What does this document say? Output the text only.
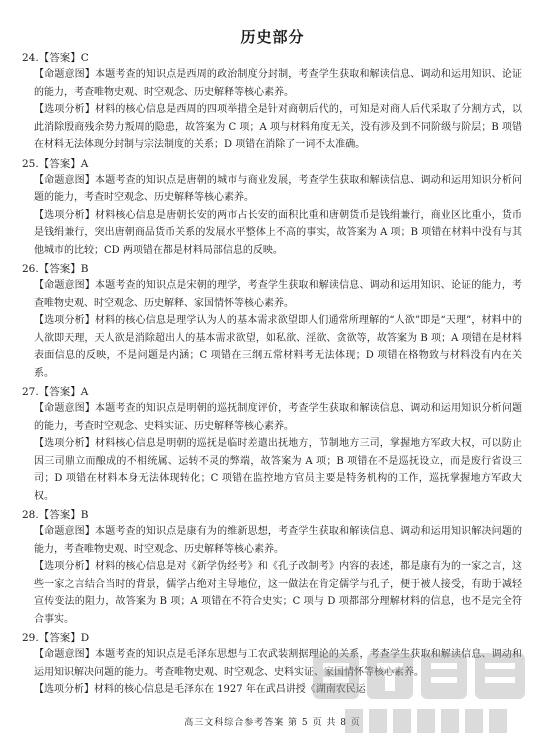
历史部分
24.【答案】C

【命题意图】本题考查的知识点是西周的政治制度分封制，考查学生获取和解读信息、调动和运用知识、论证的能力，考查唯物史观、时空观念、历史解释等核心素养。

【选项分析】材料的核心信息是西周的四项举措全是针对商朝后代的，可知是对商人后代采取了分割方式，以此消除殷商残余势力叛周的隐患，故答案为 C 项；A 项与材料角度无关，没有涉及到不同阶级与阶层；B 项错在材料无法体现分封制与宗法制度的关系；D 项错在消除了一词不太准确。

25.【答案】A

【命题意图】本题考查的知识点是唐朝的城市与商业发展，考查学生获取和解读信息、调动和运用知识分析问题的能力，考查时空观念、历史解释等核心素养。

【选项分析】材料核心信息是唐朝长安的两市占长安的面积比重和唐朝货币是钱绢兼行，商业区比重小，货币是钱绢兼行，突出唐朝商品货币关系的发展水平整体上不高的事实，故答案为 A 项；B 项错在材料中没有与其他城市的比较；CD 两项错在都是材料局部信息的反映。

26.【答案】B

【命题意图】本题考查的知识点是宋朝的理学，考查学生获取和解读信息、调动和运用知识、论证的能力，考查唯物史观、时空观念、历史解释、家国情怀等核心素养。

【选项分析】材料的核心信息是理学认为人的基本需求欲望即人们通常所理解的“人欲”即是“天理”，材料中的人欲即天理，天人欲是消除超出人的基本需求欲望，如私欲、淫欲、贪欲等，故答案为 B 项；A 项错在是材料表面信息的反映，不是问题是内涵；C 项错在三纲五常材料考无法体现；D 项错在格物致与材料没有内在关系。

27.【答案】A

【命题意图】本题考查的知识点是明朝的巡抚制度评价，考查学生获取和解读信息、调动和运用知识分析问题的能力，考查时空观念、史料实证、历史解释等核心素养。

【选项分析】材料核心信息是明朝的巡抚是临时差遣出抚地方，节制地方三司，掌握地方军政大权，可以防止因三司鼎立而酿成的不相统属、运转不灵的弊端，故答案为 A 项；B 项错在不是巡抚设立，而是废行省设三司；D 项错在材料本身无法体现转化；C 项错在监控地方官员主要是特务机构的工作，巡抚掌握地方军政大权。

28.【答案】B

【命题意图】本题考查的知识点是康有为的维新思想，考查学生获取和解读信息、调动和运用知识解决问题的能力，考查唯物史观、时空观念、历史解释等核心素养。

【选项分析】材料的核心信息是对《新学伪经考》和《孔子改制考》内容的表述，都是康有为的一家之言，这些一家之言结合当时的背景，儒学占绝对主导地位，这一做法在肯定儒学与孔子，便于被人接受，有助于减轻宣传变法的阻力，故答案为 B 项；A 项错在不符合史实；C 项与 D 项都部分理解材料的信息，也不是完全符合事实。

29.【答案】D

【命题意图】本题考查的知识点是毛泽东思想与工农武装割据理论的关系，考查学生获取和解读信息、调动和运用知识解决问题的能力。考查唯物史观、时空观念、史料实证、家国情怀等核心素养。

【选项分析】材料的核心信息是毛泽东在 1927 年在武昌讲授《湖南农民运

高三文科综合参考答案 第 5 页 共 8 页
